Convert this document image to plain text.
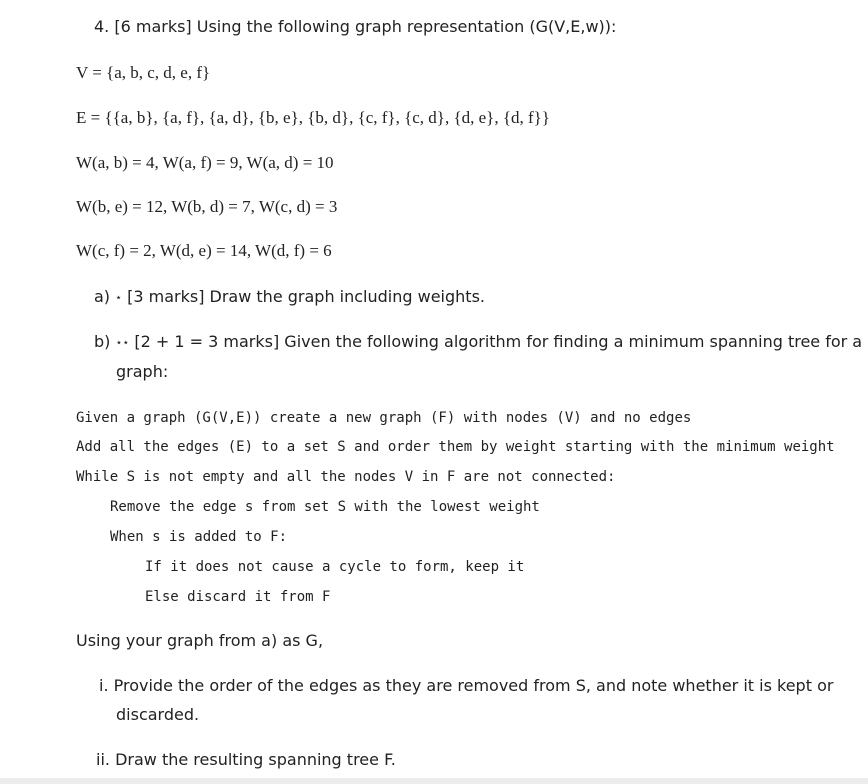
4. [6 marks] Using the following graph representation (G(V,E,w)):
V = {a, b, c, d, e, f}
E = {{a, b}, {a, f}, {a, d}, {b, e}, {b, d}, {c, f}, {c, d}, {d, e}, {d, f}}
W(a, b) = 4, W(a, f) = 9, W(a, d) = 10
W(b, e) = 12, W(b, d) = 7, W(c, d) = 3
W(c, f) = 2, W(d, e) = 14, W(d, f) = 6
a) ⋆ [3 marks] Draw the graph including weights.
b) ⋆⋆ [2 + 1 = 3 marks] Given the following algorithm for finding a minimum spanning tree for a
graph:
Given a graph (G(V,E)) create a new graph (F) with nodes (V) and no edges
Add all the edges (E) to a set S and order them by weight starting with the minimum weight
While S is not empty and all the nodes V in F are not connected:
Remove the edge s from set S with the lowest weight
When s is added to F:
If it does not cause a cycle to form, keep it
Else discard it from F
Using your graph from a) as G,
i. Provide the order of the edges as they are removed from S, and note whether it is kept or
discarded.
ii. Draw the resulting spanning tree F.
